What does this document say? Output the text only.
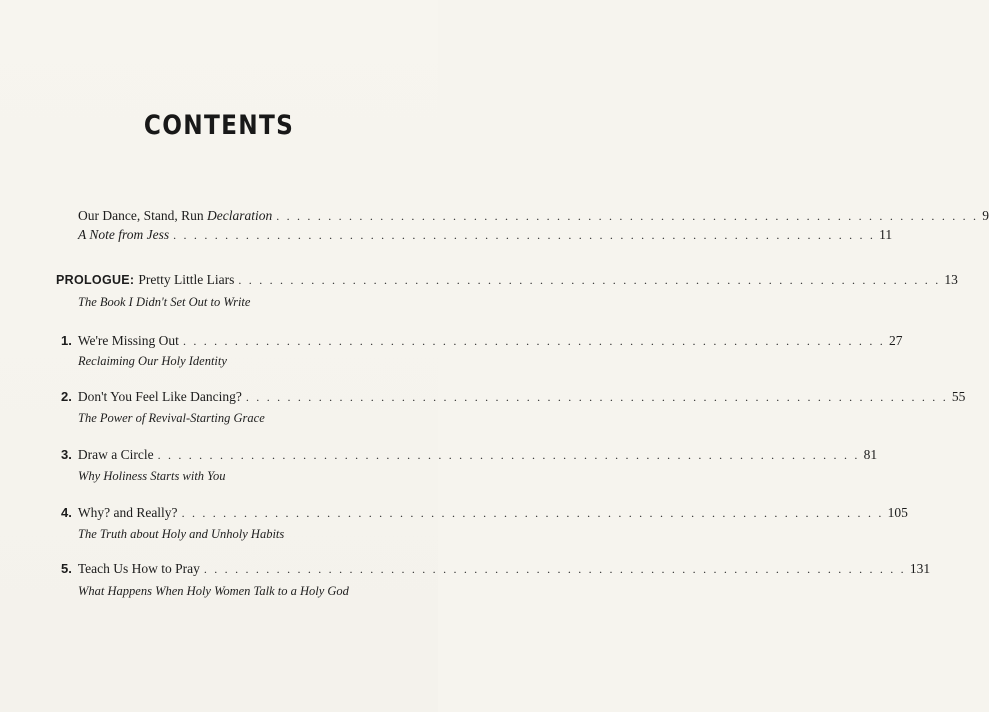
CONTENTS
Our Dance, Stand, Run Declaration . . . . . . . . . . . . . . . . . . . . . . . . . . . . . . . . . . . . . . . . . . . . . . . . . . . . . . . . . . . . . . . . . . . . 9
A Note from Jess . . . . . . . . . . . . . . . . . . . . . . . . . . . . . . . . . . . . . . . . . . . . . . . . . . . . . . . . . . . . . . . . . . . . 11
PROLOGUE: Pretty Little Liars . . . . . . . . . . . . . . . . . . . . . . . . . . . . . . . . . . . . . . . . . . . . . . . . . . . . . . . . . . . . . . . . . . . . 13
The Book I Didn't Set Out to Write
1. We're Missing Out . . . . . . . . . . . . . . . . . . . . . . . . . . . . . . . . . . . . . . . . . . . . . . . . . . . . . . . . . . . . . . . . . . . . 27
Reclaiming Our Holy Identity
2. Don't You Feel Like Dancing? . . . . . . . . . . . . . . . . . . . . . . . . . . . . . . . . . . . . . . . . . . . . . . . . . . . . . . . . . . . . . . . . . . . . 55
The Power of Revival-Starting Grace
3. Draw a Circle . . . . . . . . . . . . . . . . . . . . . . . . . . . . . . . . . . . . . . . . . . . . . . . . . . . . . . . . . . . . . . . . . . . . 81
Why Holiness Starts with You
4. Why? and Really? . . . . . . . . . . . . . . . . . . . . . . . . . . . . . . . . . . . . . . . . . . . . . . . . . . . . . . . . . . . . . . . . . . . . 105
The Truth about Holy and Unholy Habits
5. Teach Us How to Pray . . . . . . . . . . . . . . . . . . . . . . . . . . . . . . . . . . . . . . . . . . . . . . . . . . . . . . . . . . . . . . . . . . . . 131
What Happens When Holy Women Talk to a Holy God
